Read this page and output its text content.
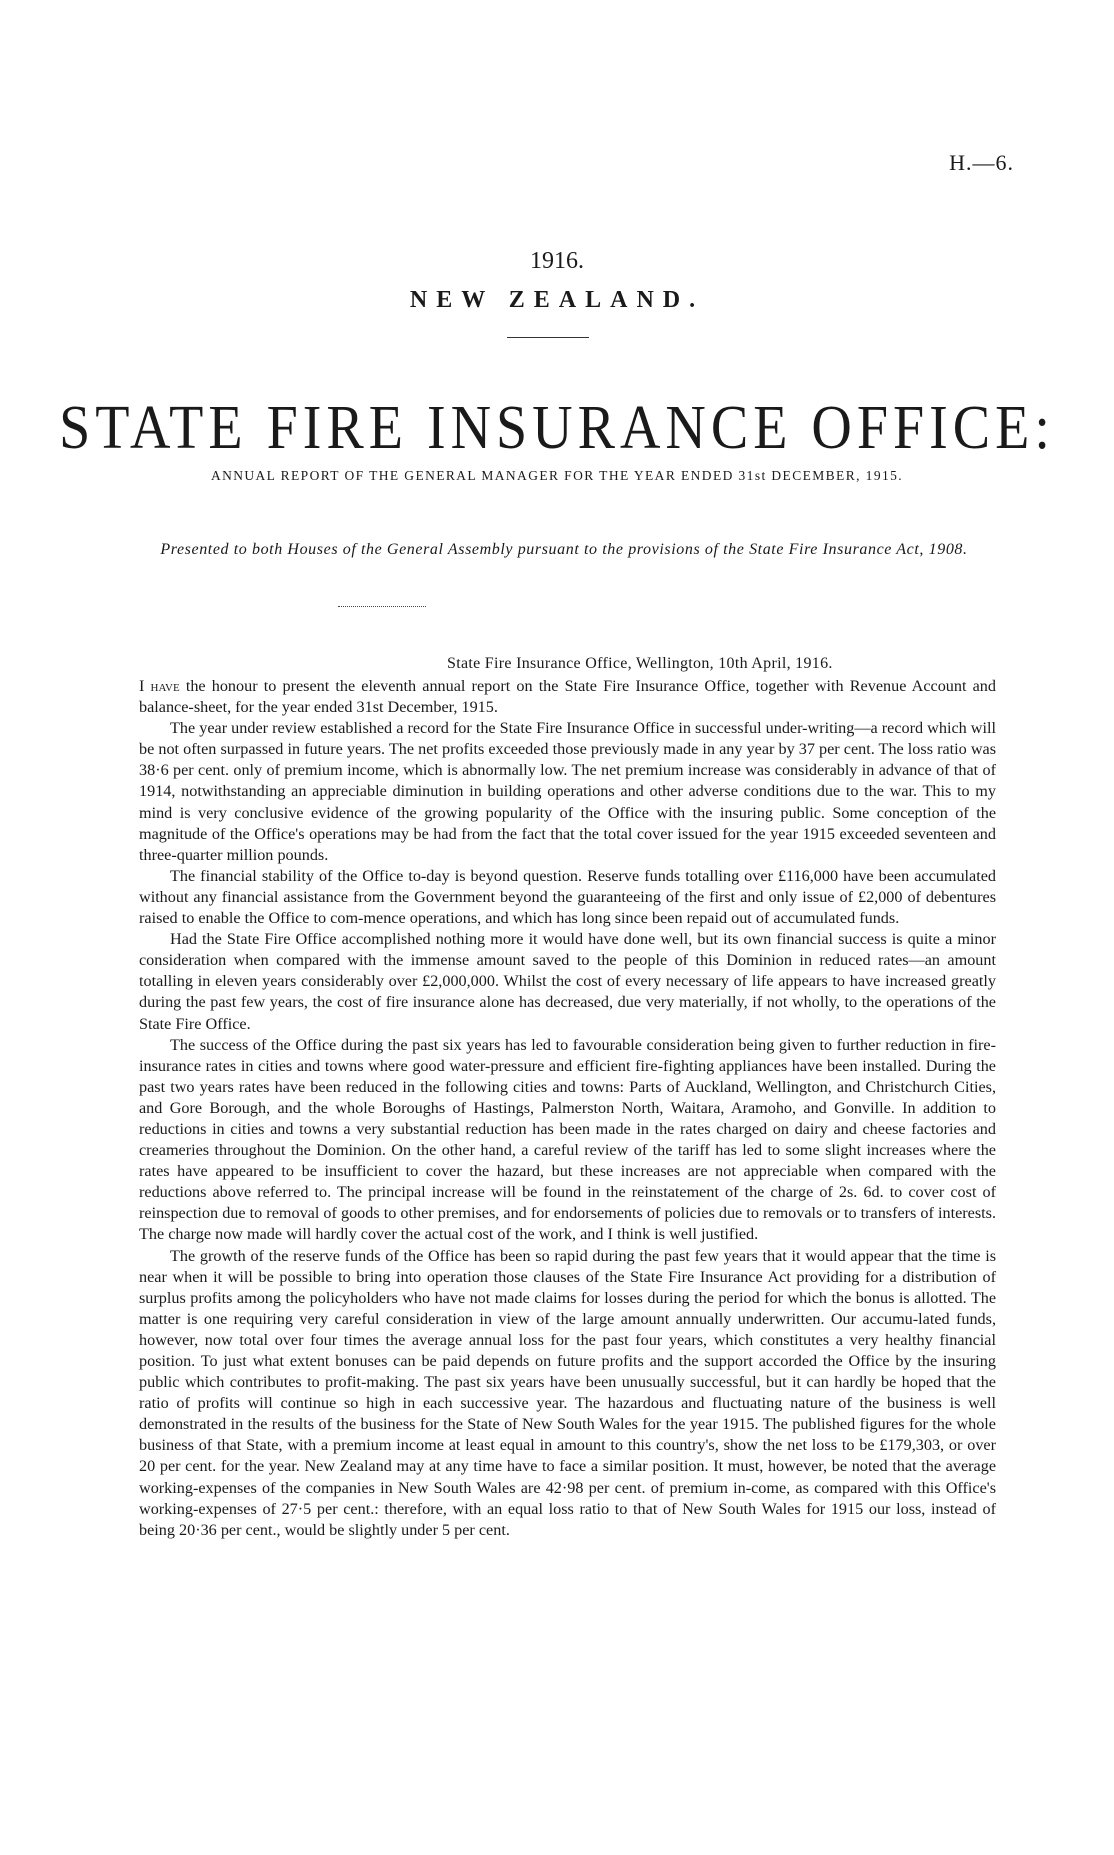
H.—6.
1916.
NEW ZEALAND.
STATE FIRE INSURANCE OFFICE:
ANNUAL REPORT OF THE GENERAL MANAGER FOR THE YEAR ENDED 31st DECEMBER, 1915.
Presented to both Houses of the General Assembly pursuant to the provisions of the State Fire Insurance Act, 1908.
State Fire Insurance Office, Wellington, 10th April, 1916.

I have the honour to present the eleventh annual report on the State Fire Insurance Office, together with Revenue Account and balance-sheet, for the year ended 31st December, 1915.

The year under review established a record for the State Fire Insurance Office in successful under-writing—a record which will be not often surpassed in future years. The net profits exceeded those previously made in any year by 37 per cent. The loss ratio was 38·6 per cent. only of premium income, which is abnormally low. The net premium increase was considerably in advance of that of 1914, notwithstanding an appreciable diminution in building operations and other adverse conditions due to the war. This to my mind is very conclusive evidence of the growing popularity of the Office with the insuring public. Some conception of the magnitude of the Office's operations may be had from the fact that the total cover issued for the year 1915 exceeded seventeen and three-quarter million pounds.

The financial stability of the Office to-day is beyond question. Reserve funds totalling over £116,000 have been accumulated without any financial assistance from the Government beyond the guaranteeing of the first and only issue of £2,000 of debentures raised to enable the Office to com-mence operations, and which has long since been repaid out of accumulated funds.

Had the State Fire Office accomplished nothing more it would have done well, but its own financial success is quite a minor consideration when compared with the immense amount saved to the people of this Dominion in reduced rates—an amount totalling in eleven years considerably over £2,000,000. Whilst the cost of every necessary of life appears to have increased greatly during the past few years, the cost of fire insurance alone has decreased, due very materially, if not wholly, to the operations of the State Fire Office.

The success of the Office during the past six years has led to favourable consideration being given to further reduction in fire-insurance rates in cities and towns where good water-pressure and efficient fire-fighting appliances have been installed. During the past two years rates have been reduced in the following cities and towns: Parts of Auckland, Wellington, and Christchurch Cities, and Gore Borough, and the whole Boroughs of Hastings, Palmerston North, Waitara, Aramoho, and Gonville. In addition to reductions in cities and towns a very substantial reduction has been made in the rates charged on dairy and cheese factories and creameries throughout the Dominion. On the other hand, a careful review of the tariff has led to some slight increases where the rates have appeared to be insufficient to cover the hazard, but these increases are not appreciable when compared with the reductions above referred to. The principal increase will be found in the reinstatement of the charge of 2s. 6d. to cover cost of reinspection due to removal of goods to other premises, and for endorsements of policies due to removals or to transfers of interests. The charge now made will hardly cover the actual cost of the work, and I think is well justified.

The growth of the reserve funds of the Office has been so rapid during the past few years that it would appear that the time is near when it will be possible to bring into operation those clauses of the State Fire Insurance Act providing for a distribution of surplus profits among the policyholders who have not made claims for losses during the period for which the bonus is allotted. The matter is one requiring very careful consideration in view of the large amount annually underwritten. Our accumu-lated funds, however, now total over four times the average annual loss for the past four years, which constitutes a very healthy financial position. To just what extent bonuses can be paid depends on future profits and the support accorded the Office by the insuring public which contributes to profit-making. The past six years have been unusually successful, but it can hardly be hoped that the ratio of profits will continue so high in each successive year. The hazardous and fluctuating nature of the business is well demonstrated in the results of the business for the State of New South Wales for the year 1915. The published figures for the whole business of that State, with a premium income at least equal in amount to this country's, show the net loss to be £179,303, or over 20 per cent. for the year. New Zealand may at any time have to face a similar position. It must, however, be noted that the average working-expenses of the companies in New South Wales are 42·98 per cent. of premium in-come, as compared with this Office's working-expenses of 27·5 per cent.: therefore, with an equal loss ratio to that of New South Wales for 1915 our loss, instead of being 20·36 per cent., would be slightly under 5 per cent.
